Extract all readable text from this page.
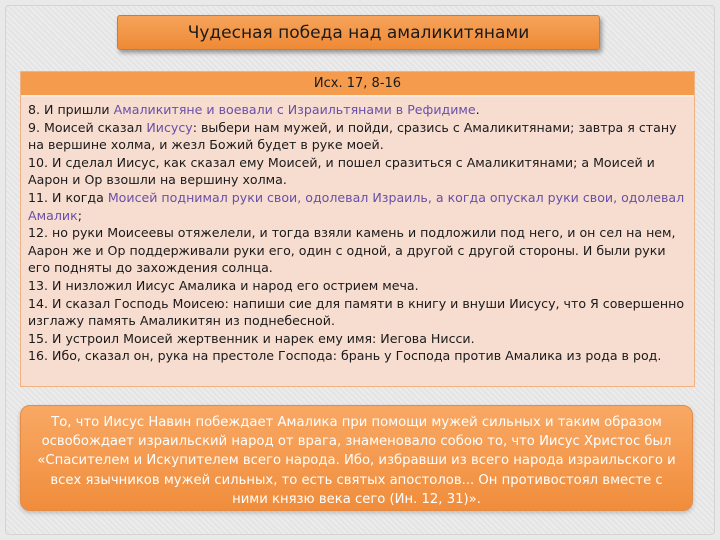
Чудесная победа над амаликитянами
Исх. 17, 8-16
8. И пришли Амаликитяне и воевали с Израильтянами в Рефидиме.
9. Моисей сказал Иисусу: выбери нам мужей, и пойди, сразись с Амаликитянами; завтра я стану на вершине холма, и жезл Божий будет в руке моей.
10. И сделал Иисус, как сказал ему Моисей, и пошел сразиться с Амаликитянами; а Моисей и Аарон и Ор взошли на вершину холма.
11. И когда Моисей поднимал руки свои, одолевал Израиль, а когда опускал руки свои, одолевал Амалик;
12. но руки Моисеевы отяжелели, и тогда взяли камень и подложили под него, и он сел на нем, Аарон же и Ор поддерживали руки его, один с одной, а другой с другой стороны. И были руки его подняты до захождения солнца.
13. И низложил Иисус Амалика и народ его острием меча.
14. И сказал Господь Моисею: напиши сие для памяти в книгу и внуши Иисусу, что Я совершенно изглажу память Амаликитян из поднебесной.
15. И устроил Моисей жертвенник и нарек ему имя: Иегова Нисси.
16. Ибо, сказал он, рука на престоле Господа: брань у Господа против Амалика из рода в род.
То, что Иисус Навин побеждает Амалика при помощи мужей сильных и таким образом освобождает израильский народ от врага, знаменовало собою то, что Иисус Христос был «Спасителем и Искупителем всего народа. Ибо, избравши из всего народа израильского и всех язычников мужей сильных, то есть святых апостолов... Он противостоял вместе с ними князю века сего (Ин. 12, 31)».
